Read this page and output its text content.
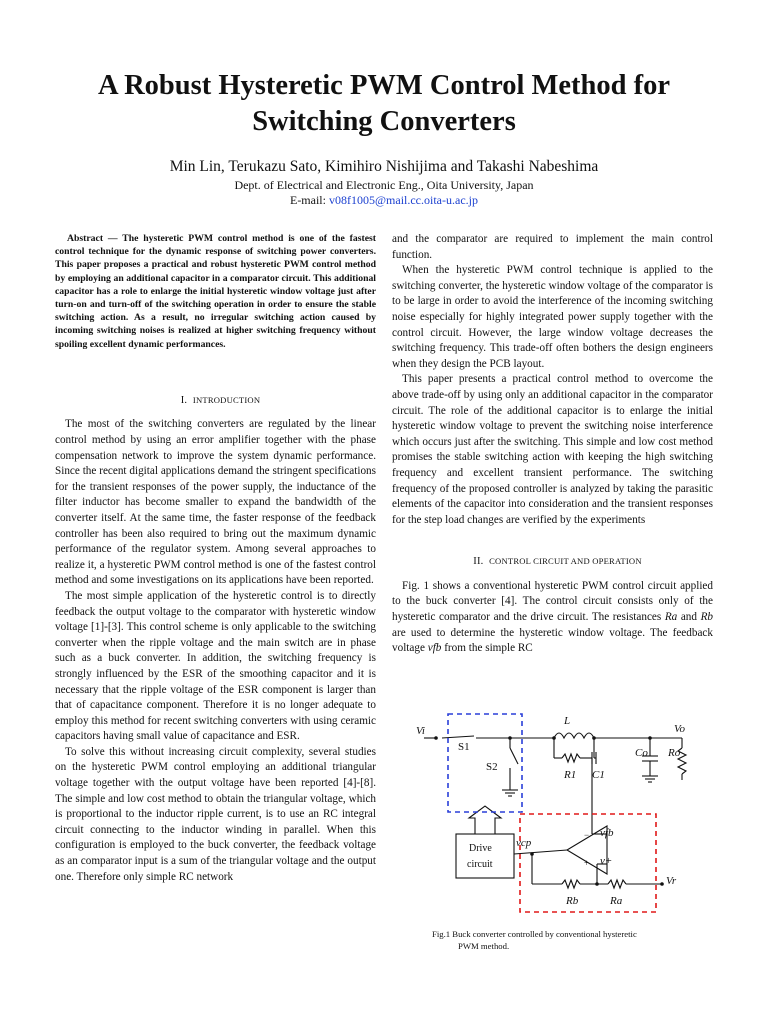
A Robust Hysteretic PWM Control Method for
Switching Converters
Min Lin, Terukazu Sato, Kimihiro Nishijima and Takashi Nabeshima
Dept. of Electrical and Electronic Eng., Oita University, Japan
E-mail: v08f1005@mail.cc.oita-u.ac.jp

Abstract — The hysteretic PWM control method is one of the fastest control technique for the dynamic response of switching power converters. This paper proposes a practical and robust hysteretic PWM control method by employing an additional capacitor in a comparator circuit. This additional capacitor has a role to enlarge the initial hysteretic window voltage just after turn-on and turn-off of the switching operation in order to ensure the stable switching action. As a result, no irregular switching action caused by incoming switching noises is realized at higher switching frequency without spoiling excellent dynamic performances.

I. INTRODUCTION

The most of the switching converters are regulated by the linear control method by using an error amplifier together with the phase compensation network to improve the system dynamic performance. Since the recent digital applications demand the stringent specifications for the transient responses of the power supply, the inductance of the filter inductor has become smaller to expand the bandwidth of the converter itself. At the same time, the faster response of the feedback controller has been also required to bring out the maximum dynamic performance of the regulator system. Among several approaches to realize it, a hysteretic PWM control method is one of the fastest control method and some investigations on its applications have been reported.

The most simple application of the hysteretic control is to directly feedback the output voltage to the comparator with hysteretic window voltage [1]-[3]. This control scheme is only applicable to the switching converter when the ripple voltage and the main switch are in phase such as a buck converter. In addition, the switching frequency is strongly influenced by the ESR of the smoothing capacitor and it is necessary that the ripple voltage of the ESR component is larger than that of capacitance component. Therefore it is no longer adequate to employ this method for recent switching converters with using ceramic capacitors having small value of capacitance and ESR.

To solve this without increasing circuit complexity, several studies on the hysteretic PWM control employing an additional triangular voltage together with the output voltage have been reported [4]-[8]. The simple and low cost method to obtain the triangular voltage, which is proportional to the inductor ripple current, is to use an RC integral circuit connecting to the inductor winding in parallel. When this configuration is employed to the buck converter, the feedback voltage as an comparator input is a sum of the triangular voltage and the output one. Therefore only simple RC network

and the comparator are required to implement the main control function.

When the hysteretic PWM control technique is applied to the switching converter, the hysteretic window voltage of the comparator is to be large in order to avoid the interference of the incoming switching noise especially for highly integrated power supply together with the control circuit. However, the large window voltage decreases the switching frequency. This trade-off often bothers the design engineers when they design the PCB layout.

This paper presents a practical control method to overcome the above trade-off by using only an additional capacitor in the comparator circuit. The role of the additional capacitor is to enlarge the initial hysteretic window voltage to prevent the switching noise interference which occurs just after the switching. This simple and low cost method promises the stable switching action with keeping the high switching frequency and excellent transient performance. The switching frequency of the proposed controller is analyzed by taking the parasitic elements of the capacitor into consideration and the transient responses for the step load changes are verified by the experiments

II. CONTROL CIRCUIT AND OPERATION

Fig. 1 shows a conventional hysteretic PWM control circuit applied to the buck converter [4]. The control circuit consists only of the hysteretic comparator and the drive circuit. The resistances Ra and Rb are used to determine the hysteretic window voltage. The feedback voltage vfb from the simple RC

Vi
L
Vo
Co Ro
R1 C1
vcp
vfb
v+
Rb	Ra
Vr
S1
S2
Drive
circuit
−
+
Fig.1 Buck converter controlled by conventional hysteretic
PWM method.
